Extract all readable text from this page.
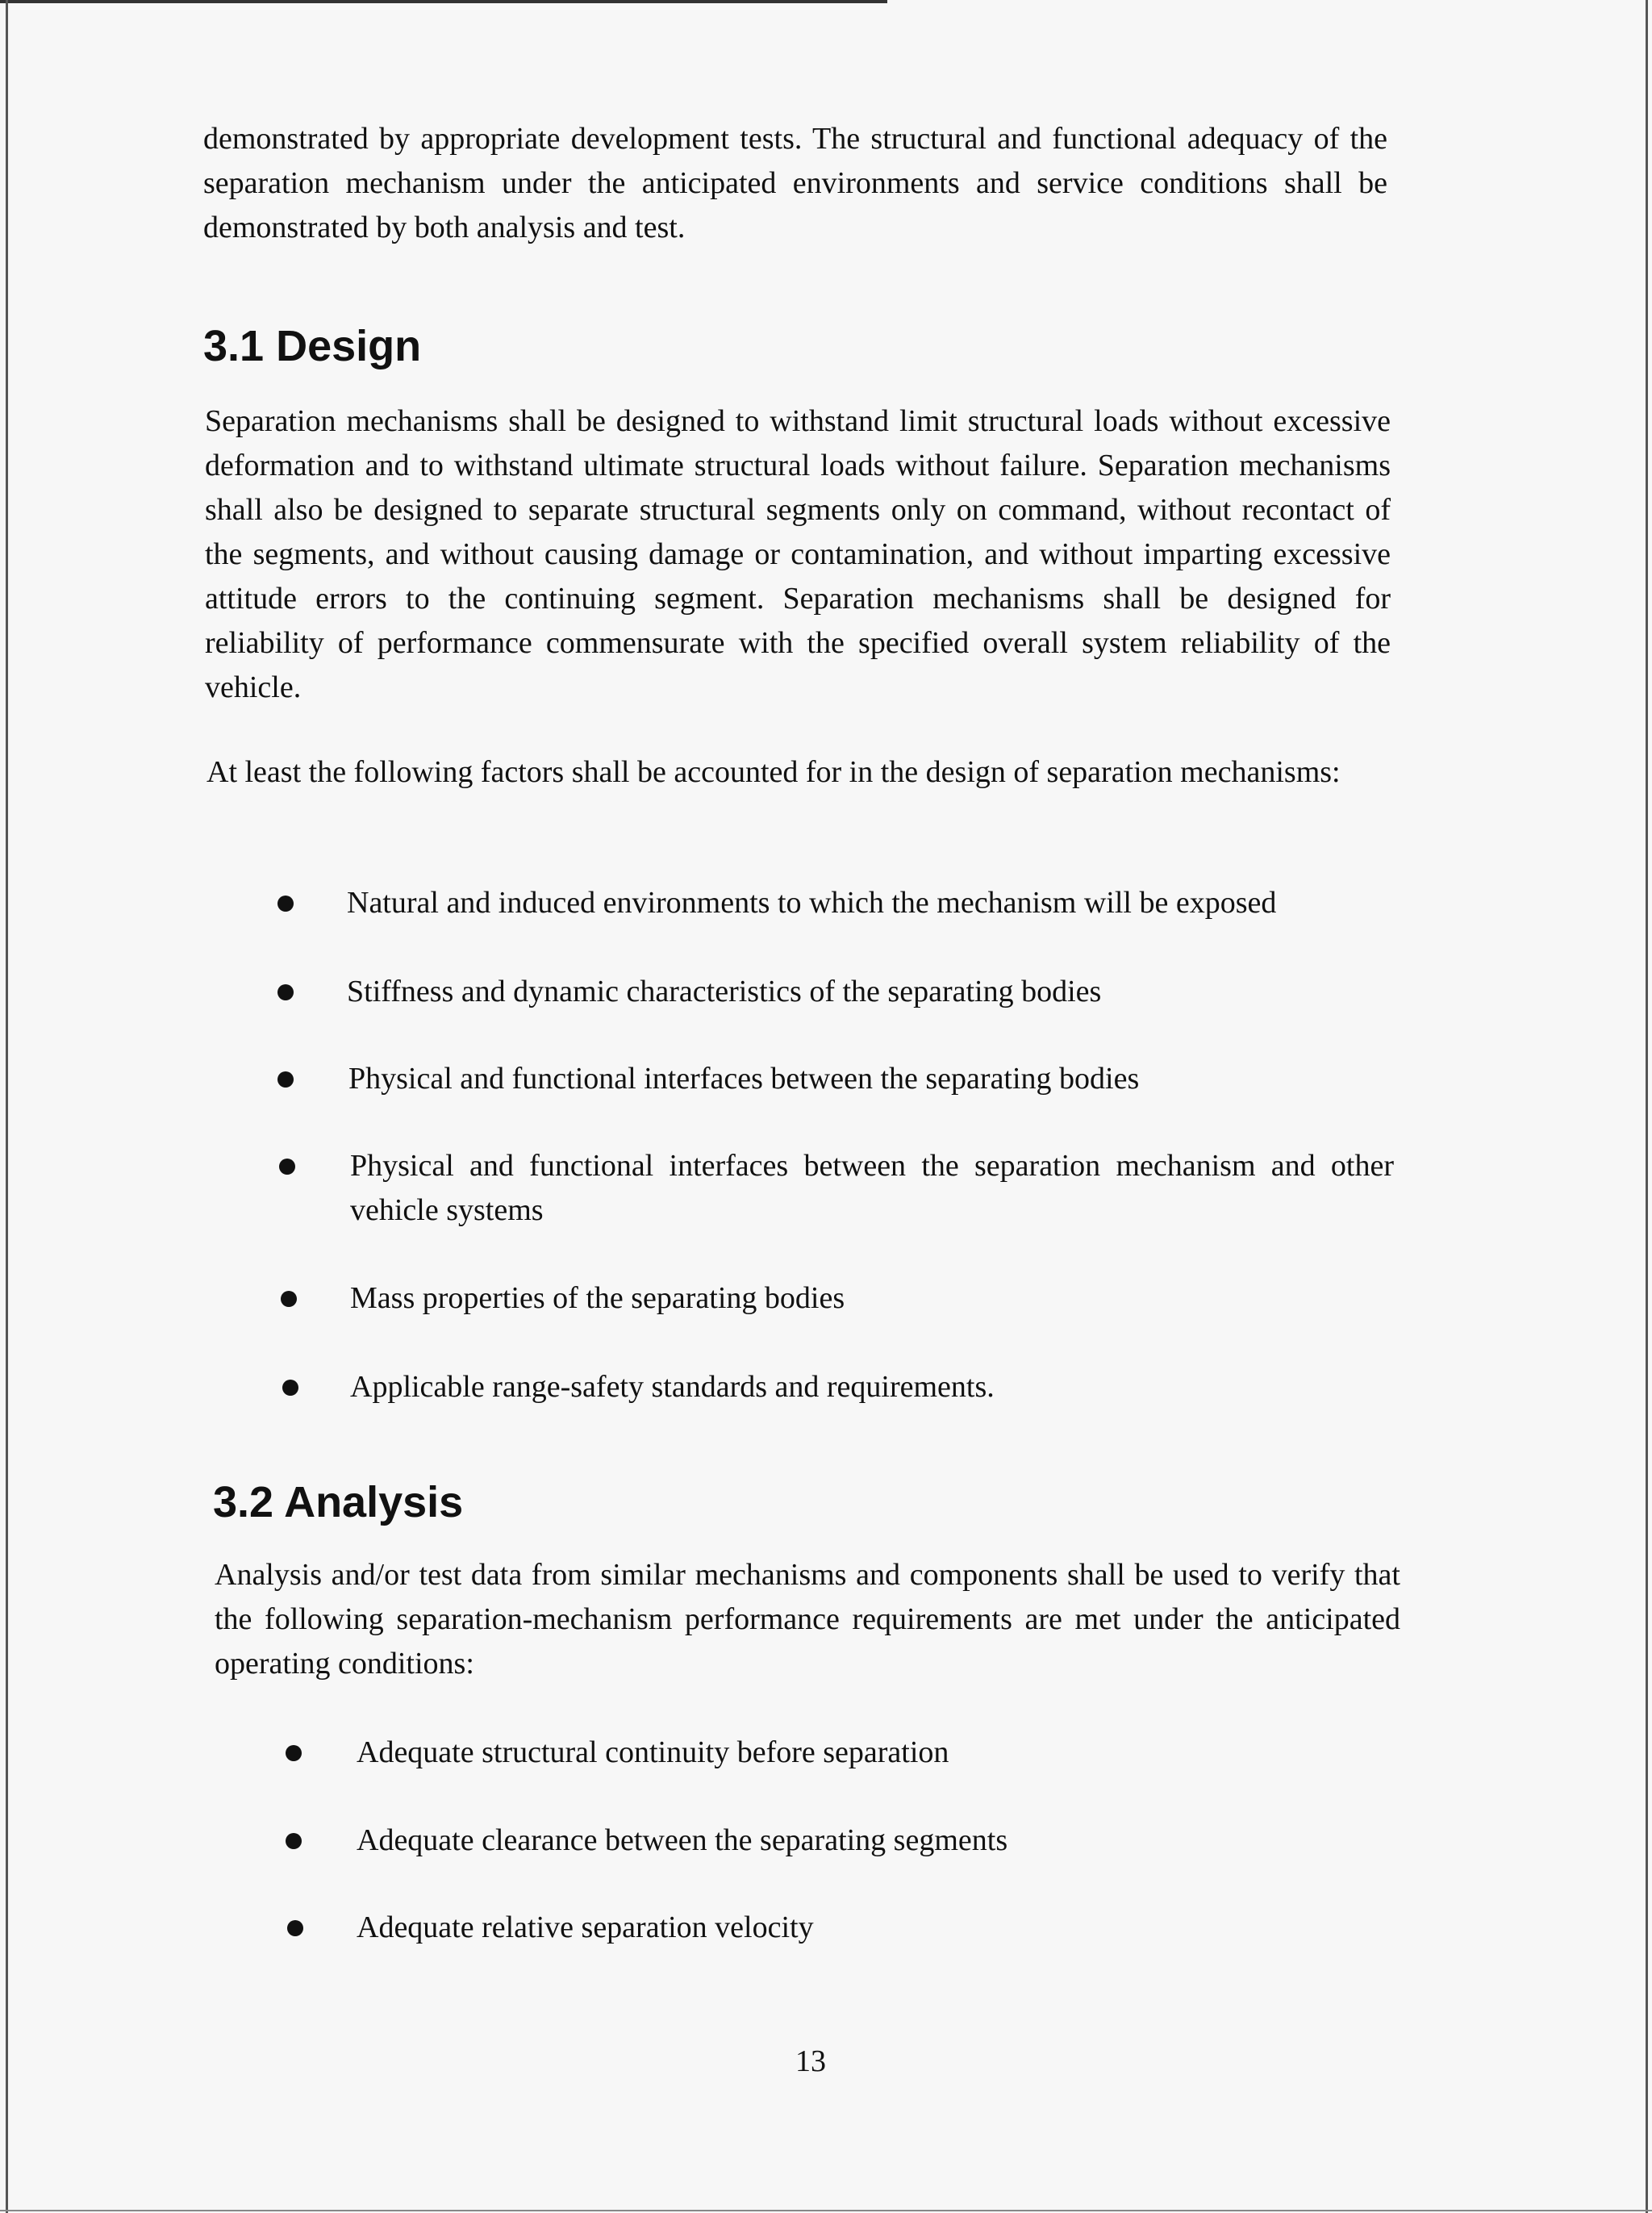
demonstrated by appropriate development tests. The structural and functional adequacy of the separation mechanism under the anticipated environments and service conditions shall be demonstrated by both analysis and test.

3.1 Design

Separation mechanisms shall be designed to withstand limit structural loads without excessive deformation and to withstand ultimate structural loads without failure. Separation mechanisms shall also be designed to separate structural segments only on command, without recontact of the segments, and without causing damage or contamination, and without imparting excessive attitude errors to the continuing segment. Separation mechanisms shall be designed for reliability of performance commensurate with the specified overall system reliability of the vehicle.

At least the following factors shall be accounted for in the design of separation mechanisms:

Natural and induced environments to which the mechanism will be exposed
Stiffness and dynamic characteristics of the separating bodies
Physical and functional interfaces between the separating bodies
Physical and functional interfaces between the separation mechanism and other vehicle systems
Mass properties of the separating bodies
Applicable range-safety standards and requirements.
3.2 Analysis

Analysis and/or test data from similar mechanisms and components shall be used to verify that the following separation-mechanism performance requirements are met under the anticipated operating conditions:

Adequate structural continuity before separation
Adequate clearance between the separating segments
Adequate relative separation velocity
13
